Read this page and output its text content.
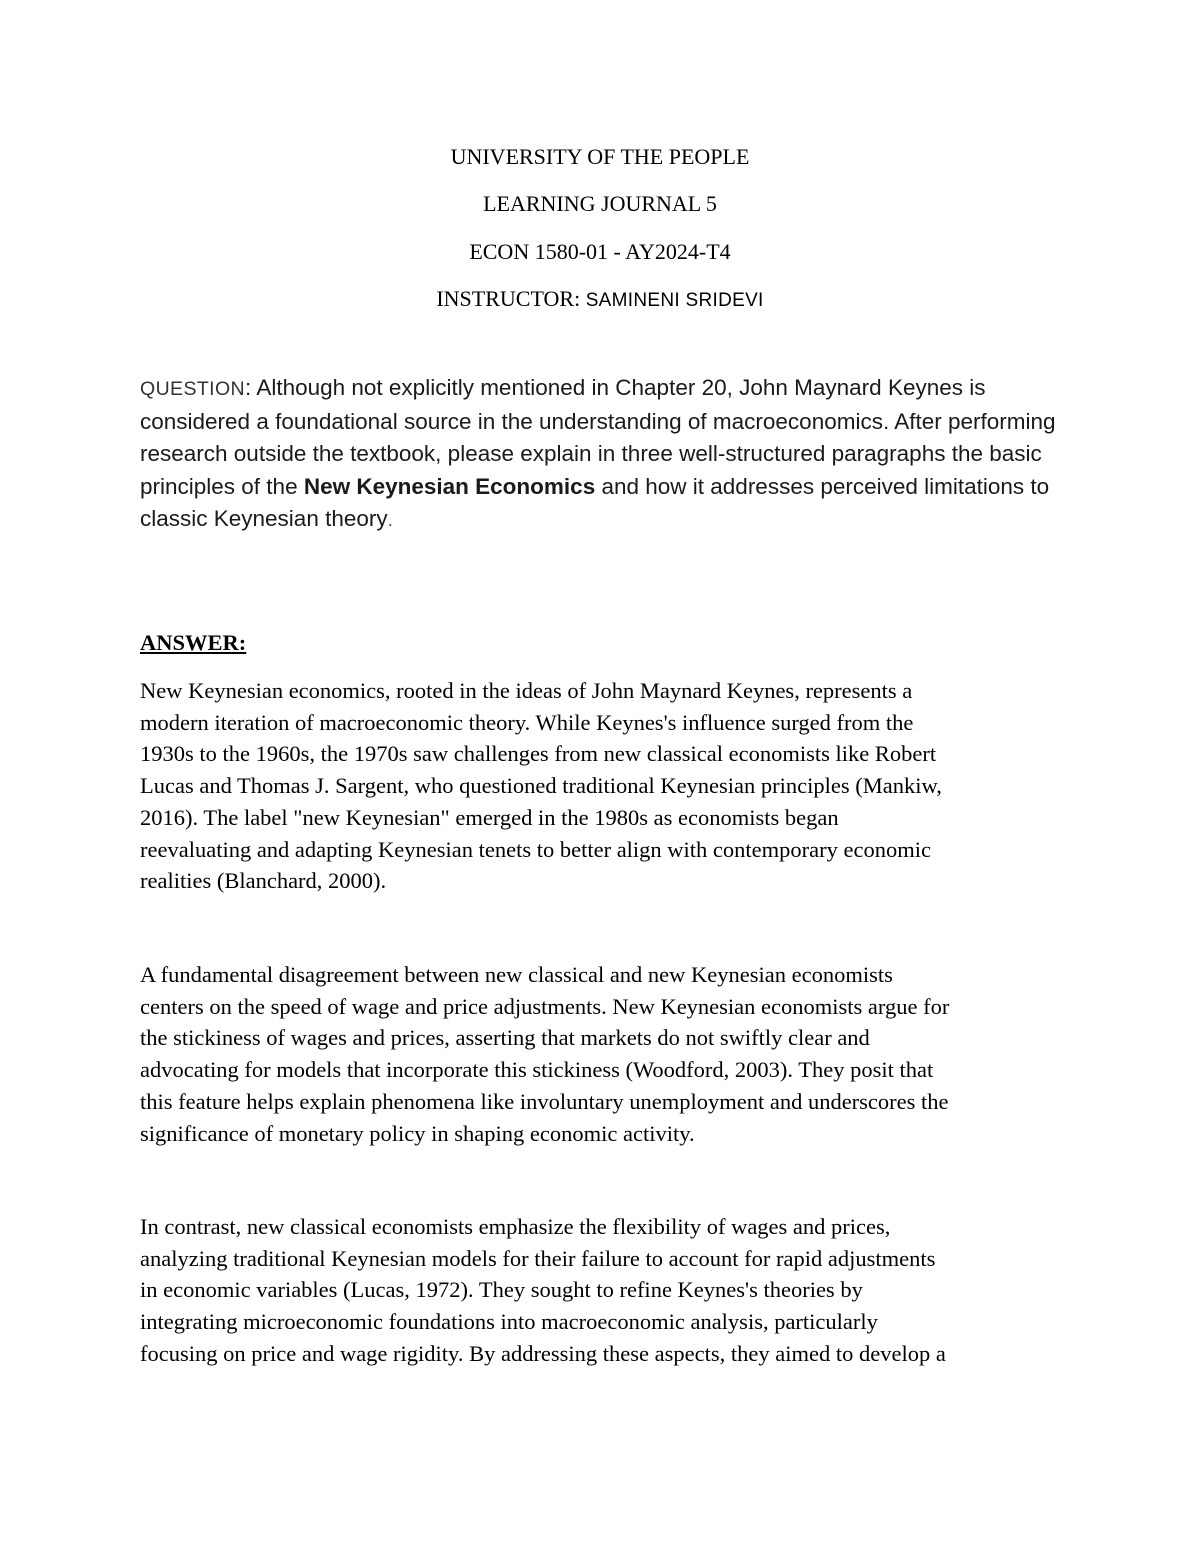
UNIVERSITY OF THE PEOPLE
LEARNING JOURNAL 5
ECON 1580-01 - AY2024-T4
INSTRUCTOR: SAMINENI SRIDEVI
QUESTION: Although not explicitly mentioned in Chapter 20, John Maynard Keynes is considered a foundational source in the understanding of macroeconomics. After performing research outside the textbook, please explain in three well-structured paragraphs the basic principles of the New Keynesian Economics and how it addresses perceived limitations to classic Keynesian theory.
ANSWER:
New Keynesian economics, rooted in the ideas of John Maynard Keynes, represents a
modern iteration of macroeconomic theory. While Keynes's influence surged from the
1930s to the 1960s, the 1970s saw challenges from new classical economists like Robert
Lucas and Thomas J. Sargent, who questioned traditional Keynesian principles (Mankiw,
2016). The label "new Keynesian" emerged in the 1980s as economists began
reevaluating and adapting Keynesian tenets to better align with contemporary economic
realities (Blanchard, 2000).
A fundamental disagreement between new classical and new Keynesian economists
centers on the speed of wage and price adjustments. New Keynesian economists argue for
the stickiness of wages and prices, asserting that markets do not swiftly clear and
advocating for models that incorporate this stickiness (Woodford, 2003). They posit that
this feature helps explain phenomena like involuntary unemployment and underscores the
significance of monetary policy in shaping economic activity.
In contrast, new classical economists emphasize the flexibility of wages and prices,
analyzing traditional Keynesian models for their failure to account for rapid adjustments
in economic variables (Lucas, 1972). They sought to refine Keynes's theories by
integrating microeconomic foundations into macroeconomic analysis, particularly
focusing on price and wage rigidity. By addressing these aspects, they aimed to develop a
